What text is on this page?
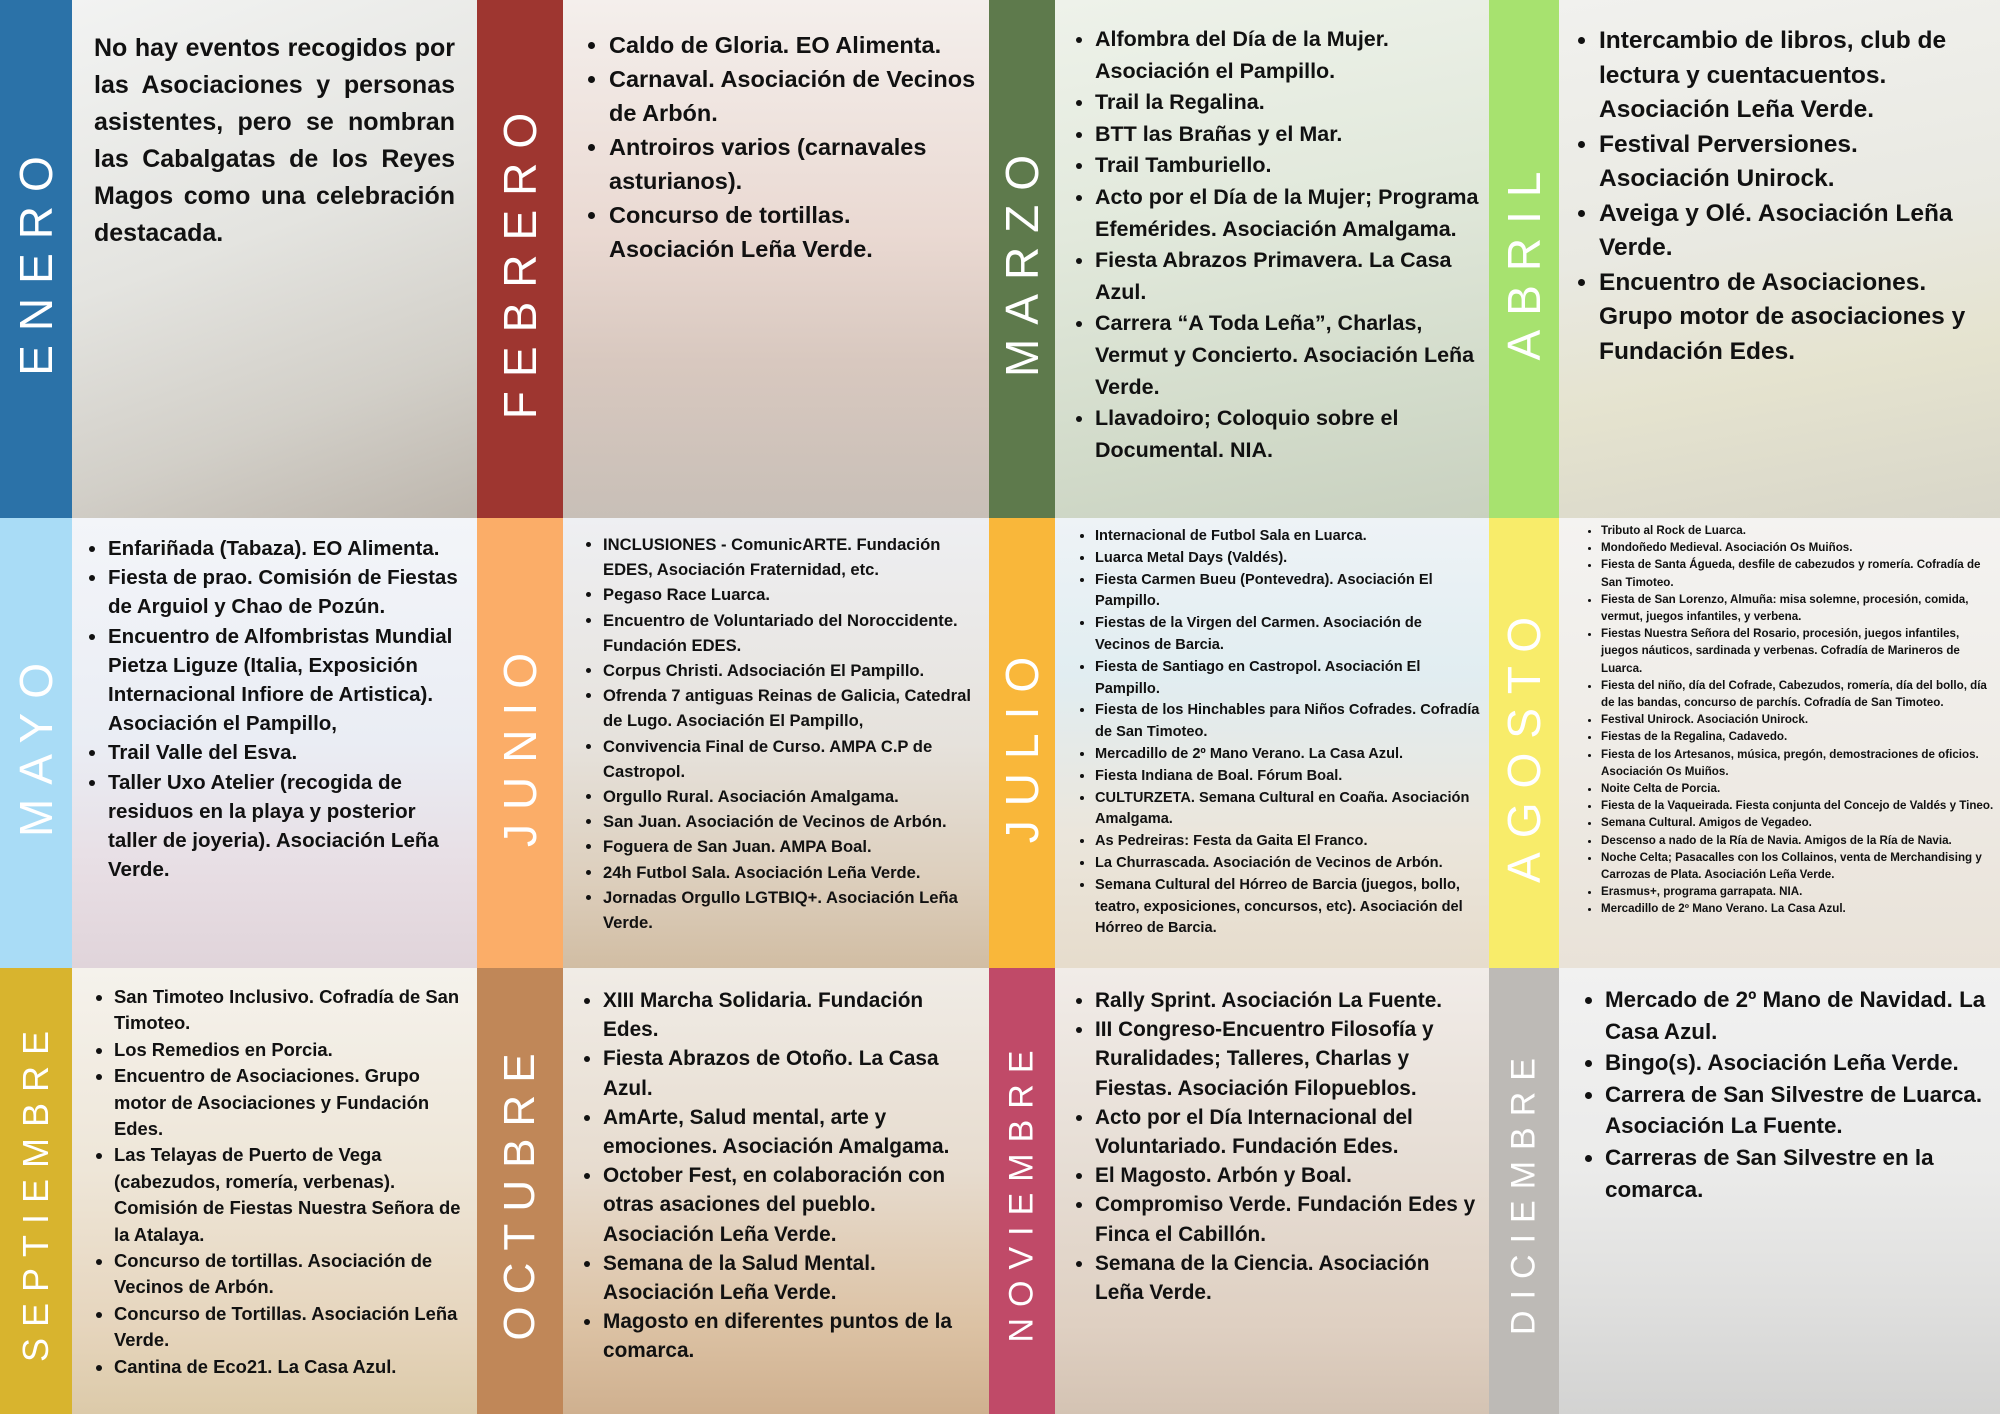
ENERO
No hay eventos recogidos por las Asociaciones y personas asistentes, pero se nombran las Cabalgatas de los Reyes Magos como una celebración destacada.	FEBRERO
• Caldo de Gloria. EO Alimenta.
• Carnaval. Asociación de Vecinos de Arbón.
• Antroiros varios (carnavales asturianos).
• Concurso de tortillas. Asociación Leña Verde.	MARZO
• Alfombra del Día de la Mujer. Asociación el Pampillo.
• Trail la Regalina.
• BTT las Brañas y el Mar.
• Trail Tamburiello.
• Acto por el Día de la Mujer; Programa Efemérides. Asociación Amalgama.
• Fiesta Abrazos Primavera. La Casa Azul.
• Carrera “A Toda Leña”, Charlas, Vermut y Concierto. Asociación Leña Verde.
• Llavadoiro; Coloquio sobre el Documental. NIA.
ABRIL
• Intercambio de libros, club de lectura y cuentacuentos. Asociación Leña Verde.
• Festival Perversiones. Asociación Unirock.
• Aveiga y Olé. Asociación Leña Verde.
• Encuentro de Asociaciones. Grupo motor de asociaciones y Fundación Edes.
MAYO
• Enfariñada (Tabaza). EO Alimenta.
• Fiesta de prao. Comisión de Fiestas de Arguiol y Chao de Pozún.
• Encuentro de Alfombristas Mundial Pietza Liguze (Italia, Exposición Internacional Infiore de Artistica). Asociación el Pampillo,
• Trail Valle del Esva.
• Taller Uxo Atelier (recogida de residuos en la playa y posterior taller de joyeria). Asociación Leña Verde.
JUNIO
• INCLUSIONES - ComunicARTE. Fundación EDES, Asociación Fraternidad, etc.
• Pegaso Race Luarca.
• Encuentro de Voluntariado del Noroccidente. Fundación EDES.
• Corpus Christi. Adsociación El Pampillo.
• Ofrenda 7 antiguas Reinas de Galicia, Catedral de Lugo. Asociación El Pampillo,
• Convivencia Final de Curso. AMPA C.P de Castropol.
• Orgullo Rural. Asociación Amalgama.
• San Juan. Asociación de Vecinos de Arbón.
• Foguera de San Juan. AMPA Boal.
• 24h Futbol Sala. Asociación Leña Verde.
• Jornadas Orgullo LGTBIQ+. Asociación Leña Verde.
JULIO
• Internacional de Futbol Sala en Luarca.
• Luarca Metal Days (Valdés).
• Fiesta Carmen Bueu (Pontevedra). Asociación El Pampillo.
• Fiestas de la Virgen del Carmen. Asociación de Vecinos de Barcia.
• Fiesta de Santiago en Castropol. Asociación El Pampillo.
• Fiesta de los Hinchables para Niños Cofrades. Cofradía de San Timoteo.
• Mercadillo de 2º Mano Verano. La Casa Azul.
• Fiesta Indiana de Boal. Fórum Boal.
• CULTURZETA. Semana Cultural en Coaña. Asociación Amalgama.
• As Pedreiras: Festa da Gaita El Franco.
• La Churrascada. Asociación de Vecinos de Arbón.
• Semana Cultural del Hórreo de Barcia (juegos, bollo, teatro, exposiciones, concursos, etc). Asociación del Hórreo de Barcia.
AGOSTO
• Tributo al Rock de Luarca.
• Mondoñedo Medieval. Asociación Os Muiños.
• Fiesta de Santa Águeda, desfile de cabezudos y romería. Cofradía de San Timoteo.
• Fiesta de San Lorenzo, Almuña: misa solemne, procesión, comida, vermut, juegos infantiles, y verbena.
• Fiestas Nuestra Señora del Rosario, procesión, juegos infantiles, juegos náuticos, sardinada y verbenas. Cofradía de Marineros de Luarca.
• Fiesta del niño, día del Cofrade, Cabezudos, romería, día del bollo, día de las bandas, concurso de parchís. Cofradía de San Timoteo.
• Festival Unirock. Asociación Unirock.
• Fiestas de la Regalina, Cadavedo.
• Fiesta de los Artesanos, música, pregón, demostraciones de oficios. Asociación Os Muiños.
• Noite Celta de Porcia.
• Fiesta de la Vaqueirada. Fiesta conjunta del Concejo de Valdés y Tineo.
• Semana Cultural. Amigos de Vegadeo.
• Descenso a nado de la Ría de Navia. Amigos de la Ría de Navia.
• Noche Celta; Pasacalles con los Collainos, venta de Merchandising y Carrozas de Plata. Asociación Leña Verde.
• Erasmus+, programa garrapata. NIA.
• Mercadillo de 2º Mano Verano. La Casa Azul.
SEPTIEMBRE
• San Timoteo Inclusivo. Cofradía de San Timoteo.
• Los Remedios en Porcia.
• Encuentro de Asociaciones. Grupo motor de Asociaciones y Fundación Edes.
• Las Telayas de Puerto de Vega (cabezudos, romería, verbenas). Comisión de Fiestas Nuestra Señora de la Atalaya.
• Concurso de tortillas. Asociación de Vecinos de Arbón.
• Concurso de Tortillas. Asociación Leña Verde.
• Cantina de Eco21. La Casa Azul.
OCTUBRE
• XIII Marcha Solidaria. Fundación Edes.
• Fiesta Abrazos de Otoño. La Casa Azul.
• AmArte, Salud mental, arte y emociones. Asociación Amalgama.
• October Fest, en colaboración con otras asaciones del pueblo. Asociación Leña Verde.
• Semana de la Salud Mental. Asociación Leña Verde.
• Magosto en diferentes puntos de la comarca.
NOVIEMBRE
• Rally Sprint. Asociación La Fuente.
• III Congreso-Encuentro Filosofía y Ruralidades; Talleres, Charlas y Fiestas. Asociación Filopueblos.
• Acto por el Día Internacional del Voluntariado. Fundación Edes.
• El Magosto. Arbón y Boal.
• Compromiso Verde. Fundación Edes y Finca el Cabillón.
• Semana de la Ciencia. Asociación Leña Verde.	DICIEMBRE
• Mercado de 2º Mano de Navidad. La Casa Azul.
• Bingo(s). Asociación Leña Verde.
• Carrera de San Silvestre de Luarca. Asociación La Fuente.
• Carreras de San Silvestre en la comarca.
